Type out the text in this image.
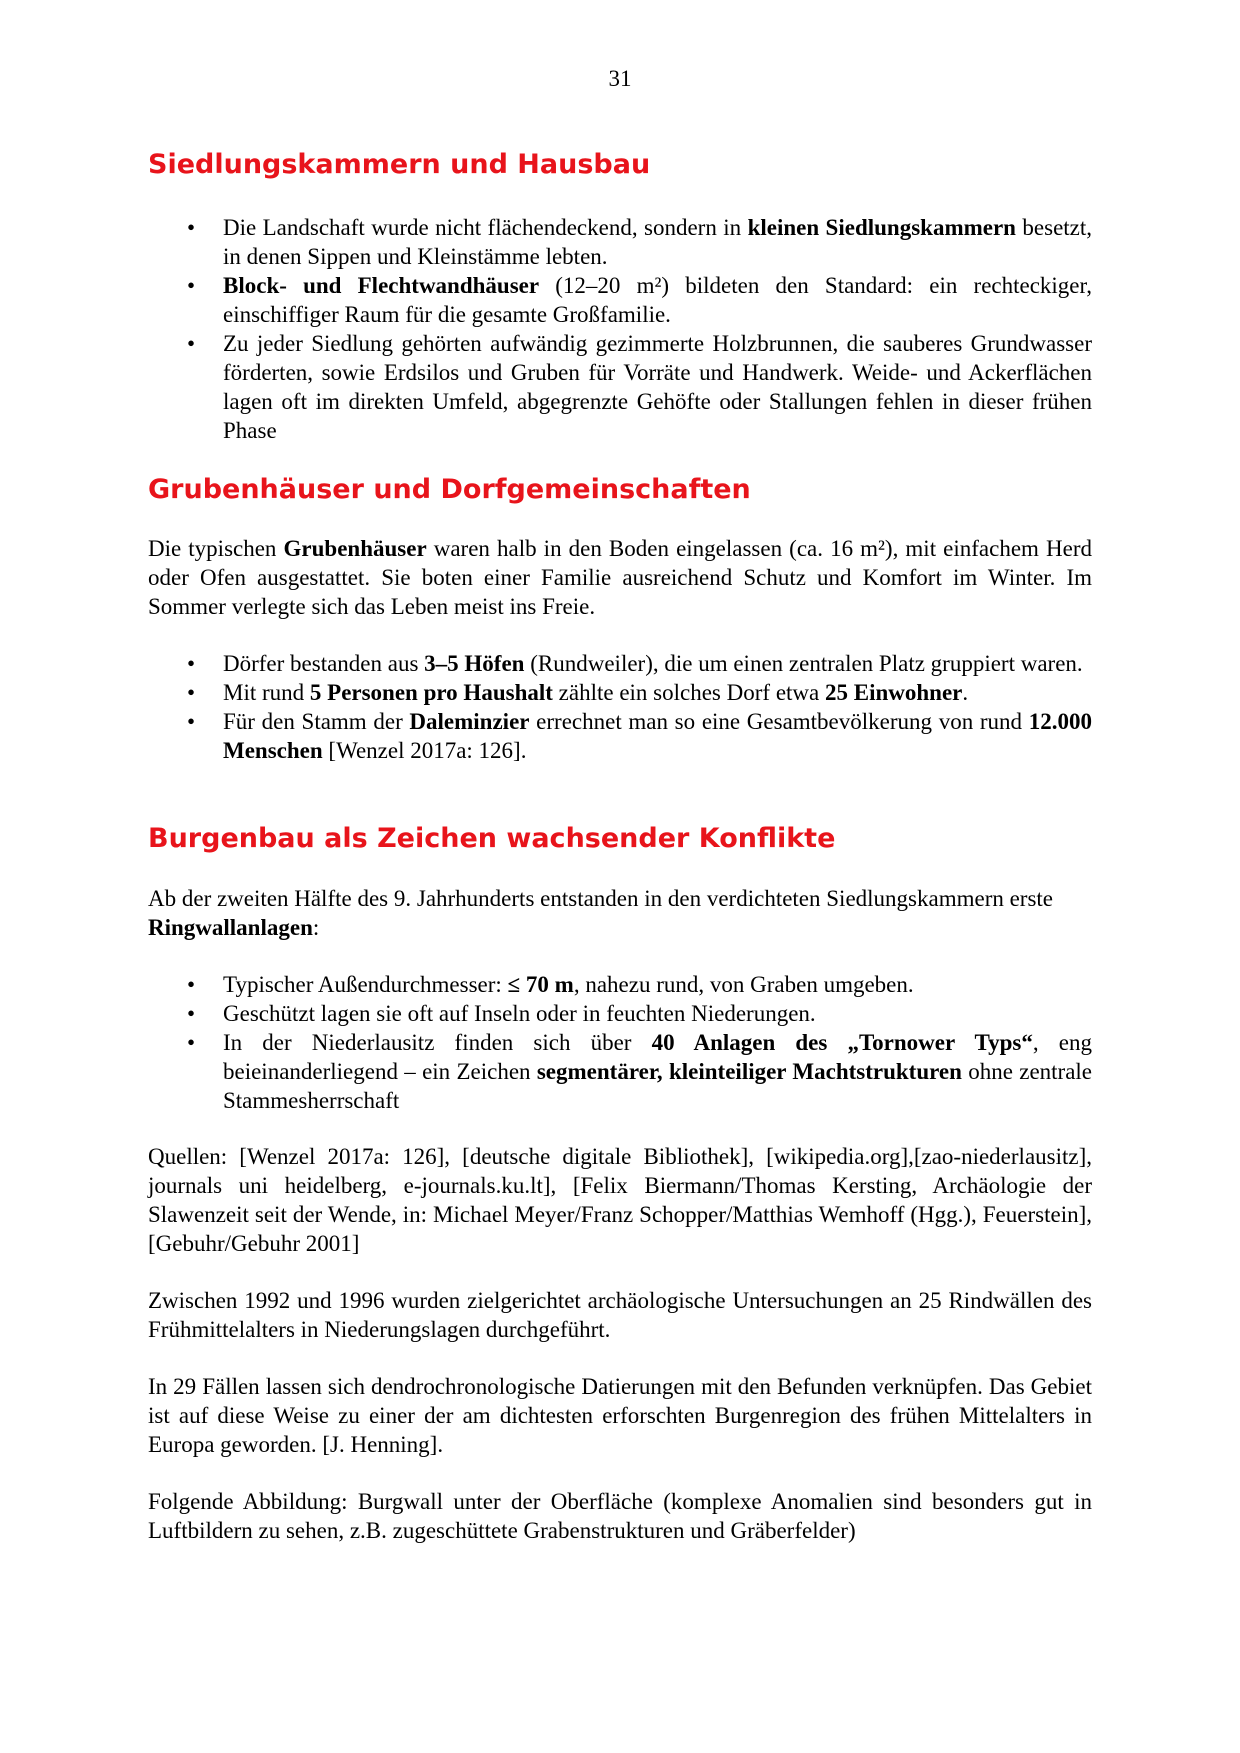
31
Siedlungskammern und Hausbau
• Die Landschaft wurde nicht flächendeckend, sondern in kleinen Siedlungskammern besetzt, in denen Sippen und Kleinstämme lebten.
• Block- und Flechtwandhäuser (12–20 m²) bildeten den Standard: ein rechteckiger, einschiffiger Raum für die gesamte Großfamilie.
• Zu jeder Siedlung gehörten aufwändig gezimmerte Holzbrunnen, die sauberes Grundwasser förderten, sowie Erdsilos und Gruben für Vorräte und Handwerk. Weide- und Ackerflächen lagen oft im direkten Umfeld, abgegrenzte Gehöfte oder Stallungen fehlen in dieser frühen Phase
Grubenhäuser und Dorfgemeinschaften

Die typischen Grubenhäuser waren halb in den Boden eingelassen (ca. 16 m²), mit einfachem Herd oder Ofen ausgestattet. Sie boten einer Familie ausreichend Schutz und Komfort im Winter. Im Sommer verlegte sich das Leben meist ins Freie.

• Dörfer bestanden aus 3–5 Höfen (Rundweiler), die um einen zentralen Platz gruppiert waren.
• Mit rund 5 Personen pro Haushalt zählte ein solches Dorf etwa 25 Einwohner.
• Für den Stamm der Daleminzier errechnet man so eine Gesamtbevölkerung von rund 12.000 Menschen [Wenzel 2017a: 126].
Burgenbau als Zeichen wachsender Konflikte

Ab der zweiten Hälfte des 9. Jahrhunderts entstanden in den verdichteten Siedlungskammern erste Ringwallanlagen:

• Typischer Außendurchmesser: ≤ 70 m, nahezu rund, von Graben umgeben.
• Geschützt lagen sie oft auf Inseln oder in feuchten Niederungen.
• In der Niederlausitz finden sich über 40 Anlagen des „Tornower Typs“, eng beieinanderliegend – ein Zeichen segmentärer, kleinteiliger Machtstrukturen ohne zentrale Stammesherrschaft

Quellen: [Wenzel 2017a: 126], [deutsche digitale Bibliothek], [wikipedia.org],[zao-niederlausitz], journals uni heidelberg, e-journals.ku.lt], [Felix Biermann/Thomas Kersting, Archäologie der Slawenzeit seit der Wende, in: Michael Meyer/Franz Schopper/Matthias Wemhoff (Hgg.), Feuerstein], [Gebuhr/Gebuhr 2001]

Zwischen 1992 und 1996 wurden zielgerichtet archäologische Untersuchungen an 25 Rindwällen des Frühmittelalters in Niederungslagen durchgeführt.

In 29 Fällen lassen sich dendrochronologische Datierungen mit den Befunden verknüpfen. Das Gebiet ist auf diese Weise zu einer der am dichtesten erforschten Burgenregion des frühen Mittelalters in Europa geworden. [J. Henning].

Folgende Abbildung: Burgwall unter der Oberfläche (komplexe Anomalien sind besonders gut in Luftbildern zu sehen, z.B. zugeschüttete Grabenstrukturen und Gräberfelder)
